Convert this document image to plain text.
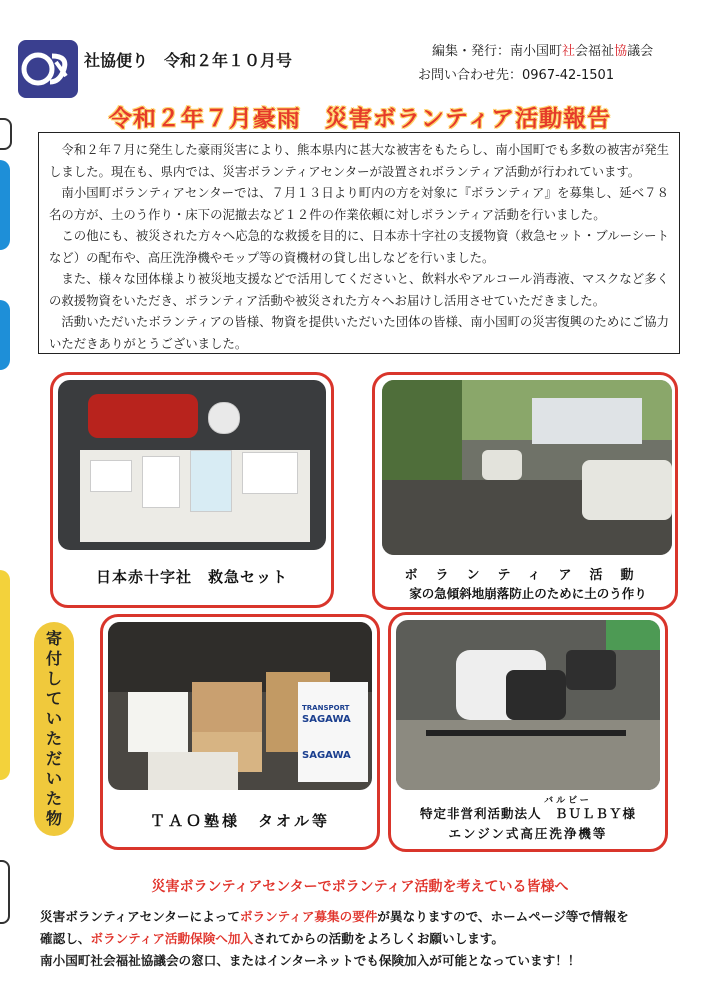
社協便り　令和２年１０月号	編集・発行：南小国町社会福祉協議会
お問い合わせ先：0967-42-1501
令和２年７月豪雨　災害ボランティア活動報告

令和２年７月に発生した豪雨災害により、熊本県内に甚大な被害をもたらし、南小国町でも多数の被害が発生しました。現在も、県内では、災害ボランティアセンターが設置されボランティア活動が行われています。

南小国町ボランティアセンターでは、７月１３日より町内の方を対象に『ボランティア』を募集し、延べ７８名の方が、土のう作り・床下の泥撤去など１２件の作業依頼に対しボランティア活動を行いました。

この他にも、被災された方々へ応急的な救援を目的に、日本赤十字社の支援物資（救急セット・ブルーシートなど）の配布や、高圧洗浄機やモップ等の資機材の貸し出しなどを行いました。

また、様々な団体様より被災地支援などで活用してくださいと、飲料水やアルコール消毒液、マスクなど多くの救援物資をいただき、ボランティア活動や被災された方々へお届けし活用させていただきました。

活動いただいたボランティアの皆様、物資を提供いただいた団体の皆様、南小国町の災害復興のためにご協力いただきありがとうございました。

日本赤十字社　救急セット	ボランティア活動
家の急傾斜地崩落防止のために土のう作り
寄
付
し
て
い
た
だ
い
た
物
TRANSPORT
SAGAWA
SAGAWA
ＴＡＯ塾様　タオル等
バルビー
特定非営利活動法人　ＢＵＬＢＹ様
エンジン式高圧洗浄機等
災害ボランティアセンターでボランティア活動を考えている皆様へ
災害ボランティアセンターによってボランティア募集の要件が異なりますので、ホームページ等で情報を
確認し、ボランティア活動保険へ加入されてからの活動をよろしくお願いします。
南小国町社会福祉協議会の窓口、またはインターネットでも保険加入が可能となっています！！
